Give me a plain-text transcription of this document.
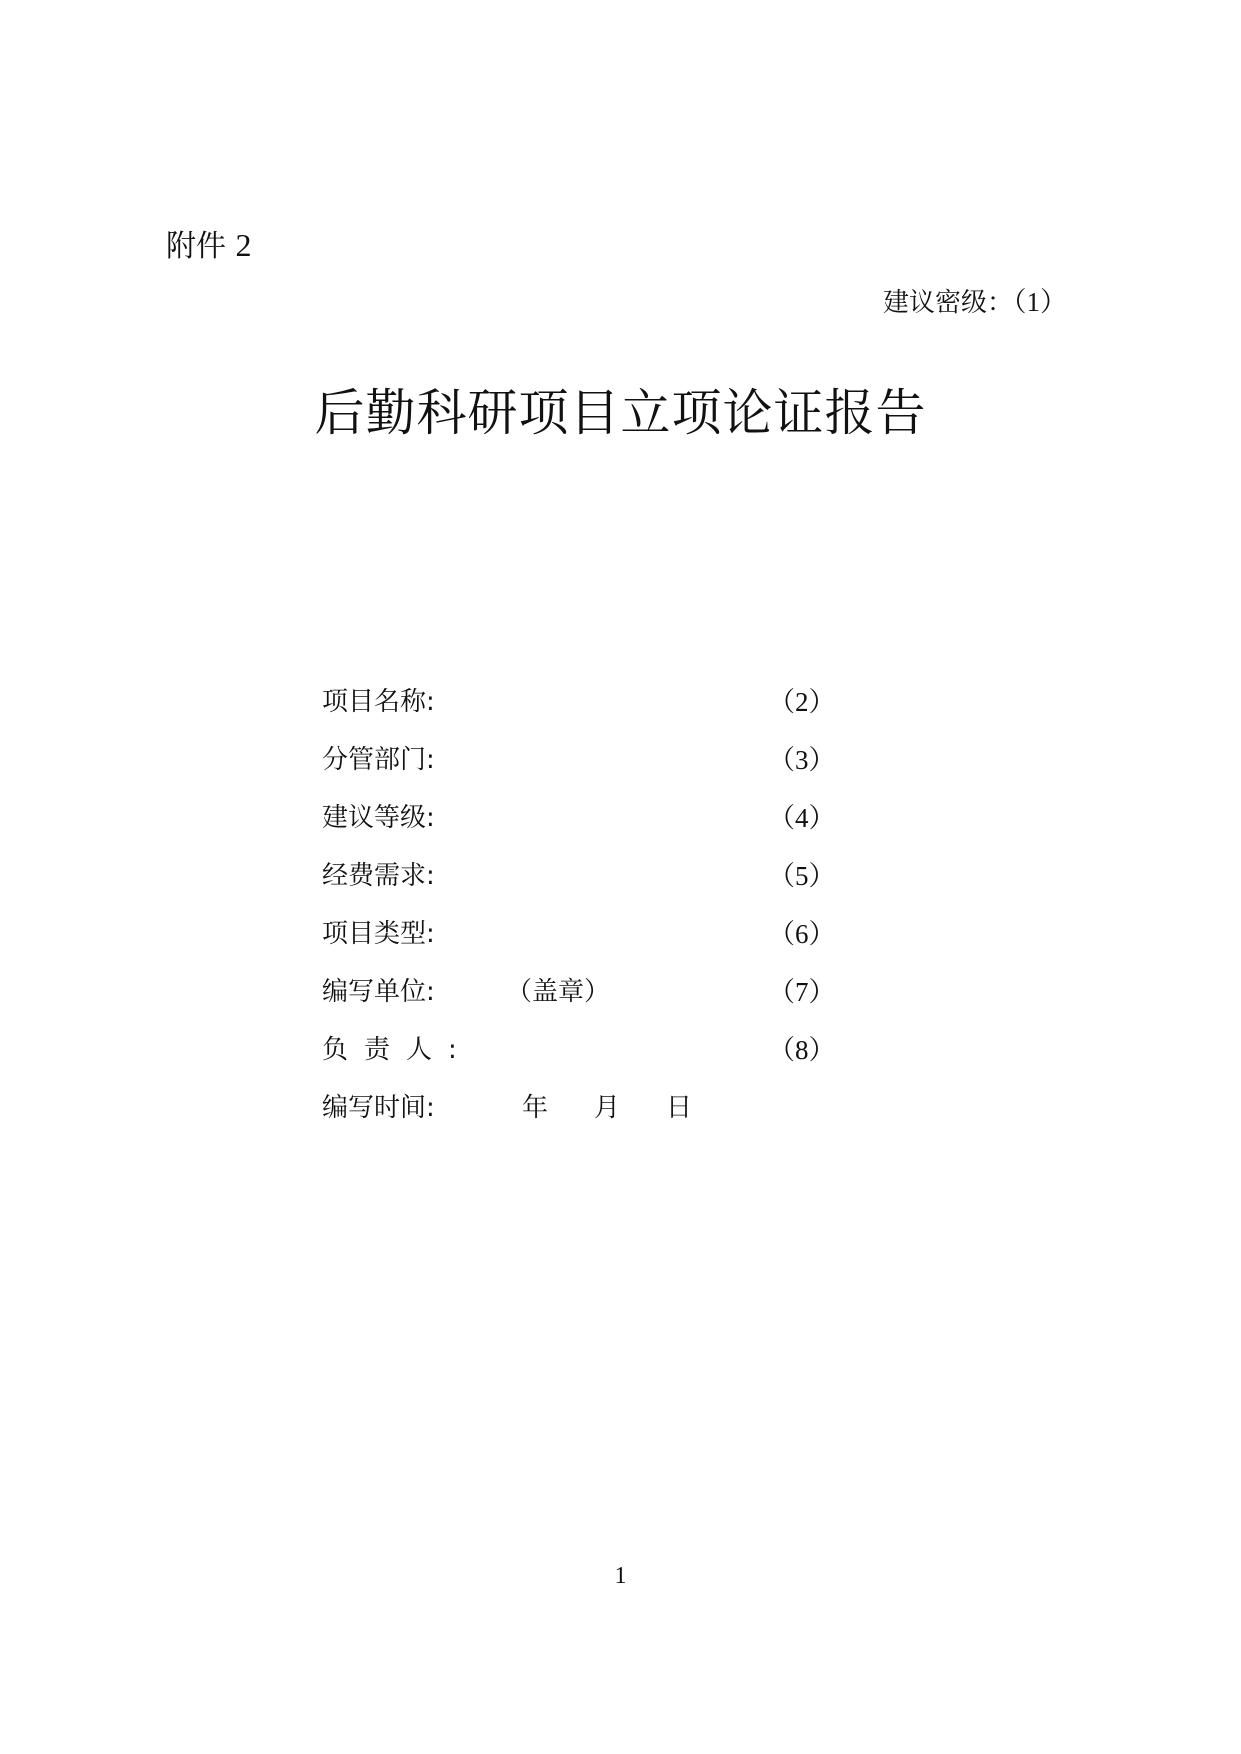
附件 2
建议密级：（1）
后勤科研项目立项论证报告
项目名称:	（2）
分管部门:	（3）
建议等级:	（4）
经费需求:	（5）
项目类型:	（6）
编写单位:	（盖章）	（7）
负责人:	（8）
编写时间:	年 月 日
1
